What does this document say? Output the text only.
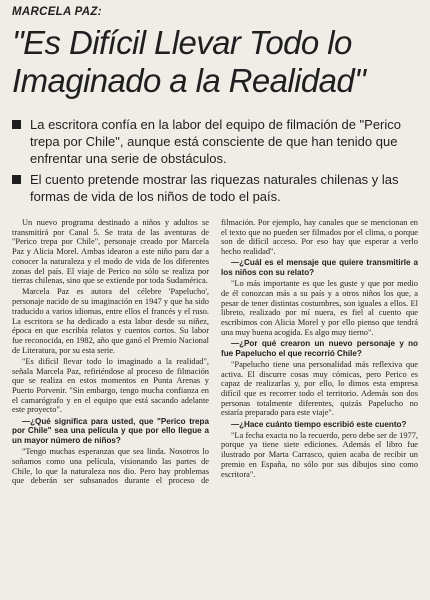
MARCELA PAZ:
"Es Difícil Llevar Todo lo
Imaginado a la Realidad"
La escritora confía en la labor del equipo de filmación de "Perico trepa por Chile", aunque está consciente de que han tenido que enfrentar una serie de obstáculos.
El cuento pretende mostrar las riquezas naturales chilenas y las formas de vida de los niños de todo el país.

Un nuevo programa destinado a niños y adultos se transmitirá por Canal 5. Se trata de las aventuras de "Perico trepa por Chile", personaje creado por Marcela Paz y Alicia Morel. Ambas idearon a este niño para dar a conocer la naturaleza y el modo de vida de los diferentes zonas del país. El viaje de Perico no sólo se realiza por tierras chilenas, sino que se extiende por toda Sudamérica.

Marcela Paz es autora del célebre 'Papelucho', personaje nacido de su imaginación en 1947 y que ha sido traducido a varios idiomas, entre ellos el francés y el ruso. La escritora se ha dedicado a esta labor desde su niñez, época en que escribía relatos y cuentos cortos. Su labor fue reconocida, en 1982, año que ganó el Premio Nacional de Literatura, por su esta serie.

"Es difícil llevar todo lo imaginado a la realidad", señala Marcela Paz, refiriéndose al proceso de filmación que se realiza en estos momentos en Punta Arenas y Puerto Porvenir. "Sin embargo, tengo mucha confianza en el camarógrafo y en el equipo que está sacando adelante este proyecto".

—¿Qué significa para usted, que "Perico trepa por Chile" sea una película y que por ello llegue a un mayor número de niños?

"Tengo muchas esperanzas que sea linda. Nosotros lo soñamos como una película, visionando las partes de Chile, lo que la naturaleza nos dio. Pero hay problemas que deberán ser subsanados durante el proceso de filmación. Por ejemplo, hay canales que se mencionan en el texto que no pueden ser filmados por el clima, o porque son de difícil acceso. Por eso hay que esperar a verlo hecho realidad".

—¿Cuál es el mensaje que quiere transmitirle a los niños con su relato?

"Lo más importante es que les guste y que por medio de él conozcan más a su país y a otros niños los que, a pesar de tener distintas costumbres, son iguales a ellos. El libreto, realizado por mí nuera, es fiel al cuento que escribimos con Alicia Morel y por ello pienso que tendrá una muy buena acogida. Es algo muy tierno".

—¿Por qué crearon un nuevo personaje y no fue Papelucho el que recorrió Chile?

"Papelucho tiene una personalidad más reflexiva que activa. El discurre cosas muy cómicas, pero Perico es capaz de realizarlas y, por ello, lo dimos esta empresa difícil que es recorrer todo el territorio. Además son dos personas totalmente diferentes, quizás Papelucho no estaría preparado para este viaje".

—¿Hace cuánto tiempo escribió este cuento?

"La fecha exacta no la recuerdo, pero debe ser de 1977, porque ya tiene siete ediciones. Además el libro fue ilustrado por Marta Carrasco, quien acaba de recibir un premio en España, no sólo por sus dibujos sino como escritora".
